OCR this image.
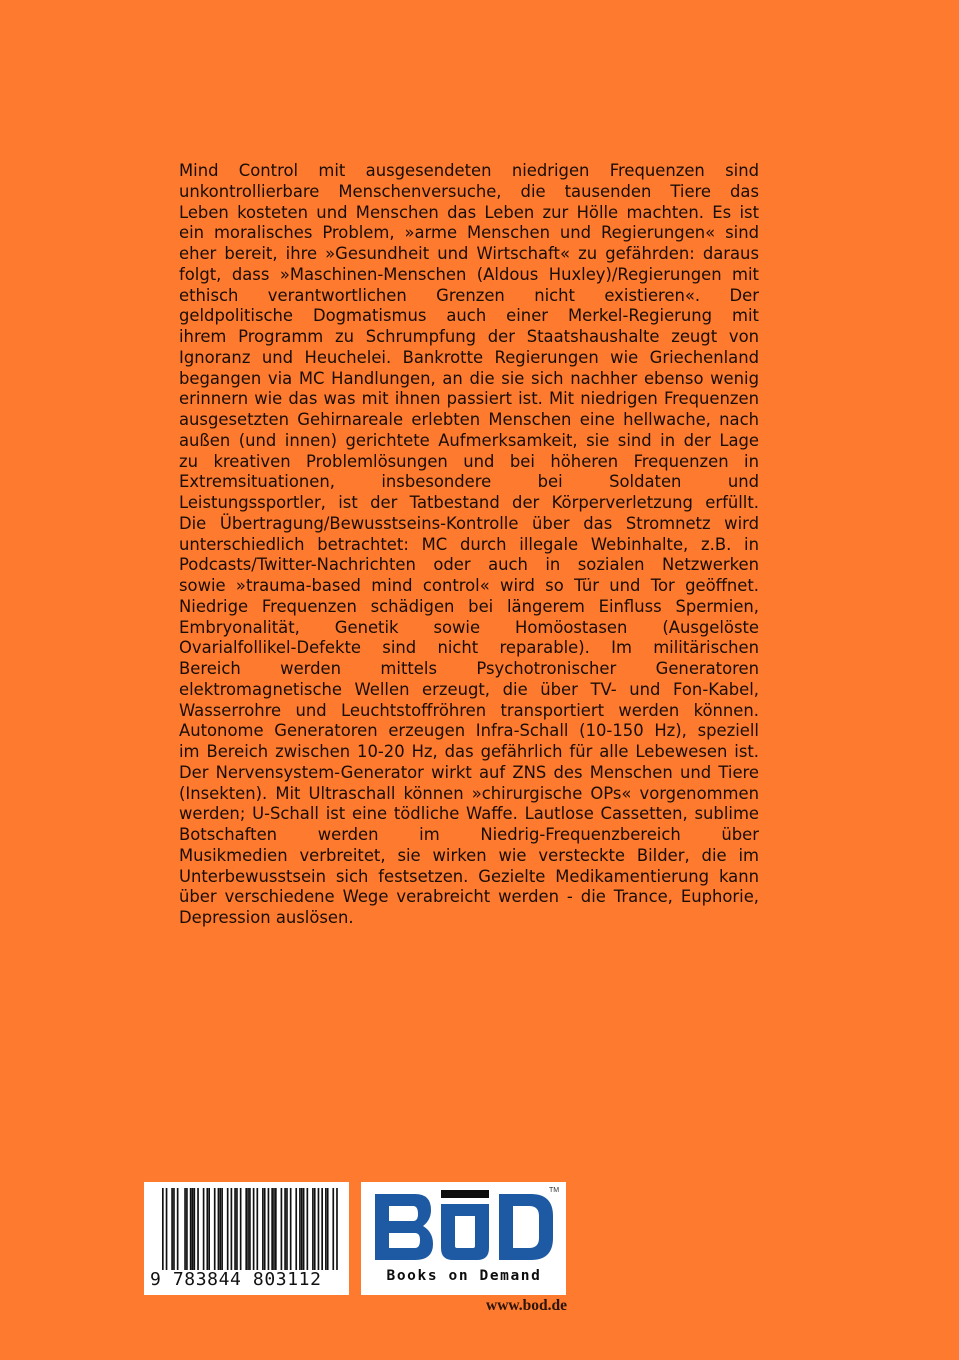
Mind Control mit ausgesendeten niedrigen Frequenzen sind
unkontrollierbare Menschenversuche, die tausenden Tiere das
Leben kosteten und Menschen das Leben zur Hölle machten. Es ist
ein moralisches Problem, »arme Menschen und Regierungen« sind
eher bereit, ihre »Gesundheit und Wirtschaft« zu gefährden: daraus
folgt, dass »Maschinen-Menschen (Aldous Huxley)/Regierungen mit
ethisch verantwortlichen Grenzen nicht existieren«. Der
geldpolitische Dogmatismus auch einer Merkel-Regierung mit
ihrem Programm zu Schrumpfung der Staatshaushalte zeugt von
Ignoranz und Heuchelei. Bankrotte Regierungen wie Griechenland
begangen via MC Handlungen, an die sie sich nachher ebenso wenig
erinnern wie das was mit ihnen passiert ist. Mit niedrigen Frequenzen
ausgesetzten Gehirnareale erlebten Menschen eine hellwache, nach
außen (und innen) gerichtete Aufmerksamkeit, sie sind in der Lage
zu kreativen Problemlösungen und bei höheren Frequenzen in
Extremsituationen, insbesondere bei Soldaten und
Leistungssportler, ist der Tatbestand der Körperverletzung erfüllt.
Die Übertragung/Bewusstseins-Kontrolle über das Stromnetz wird
unterschiedlich betrachtet: MC durch illegale Webinhalte, z.B. in
Podcasts/Twitter-Nachrichten oder auch in sozialen Netzwerken
sowie »trauma-based mind control« wird so Tür und Tor geöffnet.
Niedrige Frequenzen schädigen bei längerem Einfluss Spermien,
Embryonalität, Genetik sowie Homöostasen (Ausgelöste
Ovarialfollikel-Defekte sind nicht reparable). Im militärischen
Bereich werden mittels Psychotronischer Generatoren
elektromagnetische Wellen erzeugt, die über TV- und Fon-Kabel,
Wasserrohre und Leuchtstoffröhren transportiert werden können.
Autonome Generatoren erzeugen Infra-Schall (10-150 Hz), speziell
im Bereich zwischen 10-20 Hz, das gefährlich für alle Lebewesen ist.
Der Nervensystem-Generator wirkt auf ZNS des Menschen und Tiere
(Insekten). Mit Ultraschall können »chirurgische OPs« vorgenommen
werden; U-Schall ist eine tödliche Waffe. Lautlose Cassetten, sublime
Botschaften werden im Niedrig-Frequenzbereich über
Musikmedien verbreitet, sie wirken wie versteckte Bilder, die im
Unterbewusstsein sich festsetzen. Gezielte Medikamentierung kann
über verschiedene Wege verabreicht werden - die Trance, Euphorie,
Depression auslösen.
9 783844 803112
TM
Books on Demand
www.bod.de
